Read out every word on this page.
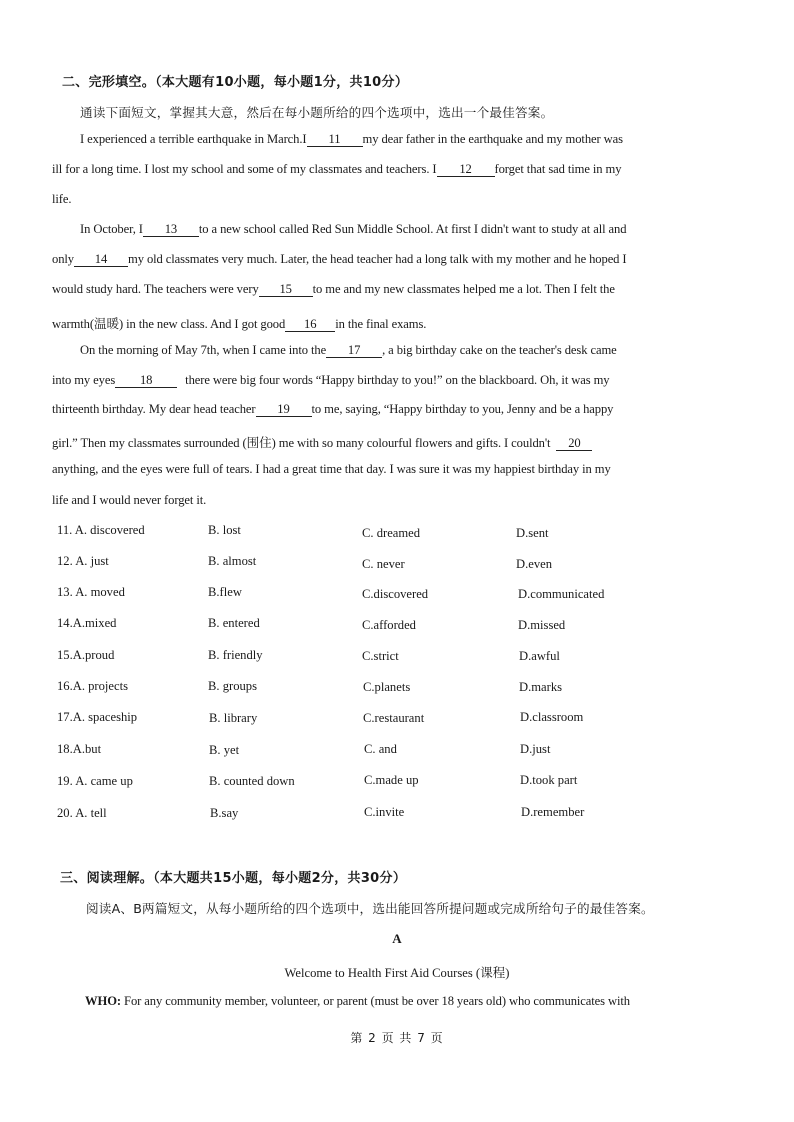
二、完形填空。（本大题有10小题，每小题1分，共10分）
通读下面短文，掌握其大意，然后在每小题所给的四个选项中，选出一个最佳答案。
I experienced a terrible earthquake in March.I 11 my dear father in the earthquake and my mother was
ill for a long time. I lost my school and some of my classmates and teachers. I 12 forget that sad time in my
life.
In October, I 13 to a new school called Red Sun Middle School. At first I didn't want to study at all and
only 14 my old classmates very much. Later, the head teacher had a long talk with my mother and he hoped I
would study hard. The teachers were very 15 to me and my new classmates helped me a lot. Then I felt the
warmth(温暖) in the new class. And I got good 16 in the final exams.
On the morning of May 7th, when I came into the 17 , a big birthday cake on the teacher's desk came
into my eyes 18	there were big four words “Happy birthday to you!” on the blackboard. Oh, it was my
thirteenth birthday. My dear head teacher 19 to me, saying, “Happy birthday to you, Jenny and be a happy
girl.” Then my classmates surrounded (围住) me with so many colourful flowers and gifts. I couldn't 20
anything, and the eyes were full of tears. I had a great time that day. I was sure it was my happiest birthday in my
life and I would never forget it.
11. A. discovered	B. lost	C. dreamed	D.sent
12. A. just	B. almost	C. never	D.even
13. A. moved	B.flew	C.discovered	D.communicated
14.A.mixed	B. entered	C.afforded	D.missed
15.A.proud	B. friendly	C.strict	D.awful
16.A. projects	B. groups	C.planets	D.marks
17.A. spaceship	B. library	C.restaurant	D.classroom
18.A.but	B. yet	C. and	D.just
19. A. came up	B. counted down	C.made up	D.took part
20. A. tell	B.say	C.invite	D.remember
三、阅读理解。（本大题共15小题，每小题2分，共30分）
阅读A、B两篇短文，从每小题所给的四个选项中，选出能回答所提问题或完成所给句子的最佳答案。
A
Welcome to Health First Aid Courses (课程)
WHO: For any community member, volunteer, or parent (must be over 18 years old) who communicates with
第 2 页 共 7 页
